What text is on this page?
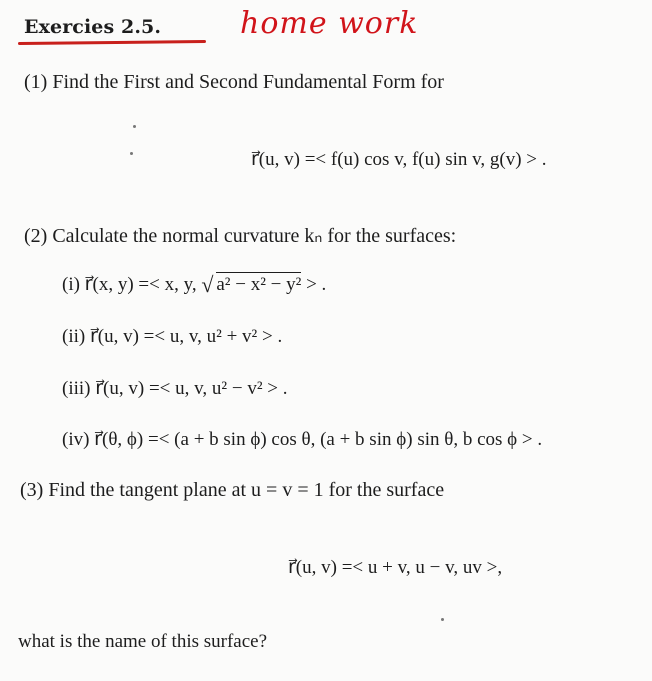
Exercies 2.5.	home work
(1) Find the First and Second Fundamental Form for
r⃗(u, v) =< f(u) cos v, f(u) sin v, g(v) > .
(2) Calculate the normal curvature kₙ for the surfaces:
(i) r⃗(x, y) =< x, y, √ a² − x² − y² > .
(ii) r⃗(u, v) =< u, v, u² + v² > .
(iii) r⃗(u, v) =< u, v, u² − v² > .
(iv) r⃗(θ, ϕ) =< (a + b sin ϕ) cos θ, (a + b sin ϕ) sin θ, b cos ϕ > .
(3) Find the tangent plane at u = v = 1 for the surface
r⃗(u, v) =< u + v, u − v, uv >,
what is the name of this surface?
